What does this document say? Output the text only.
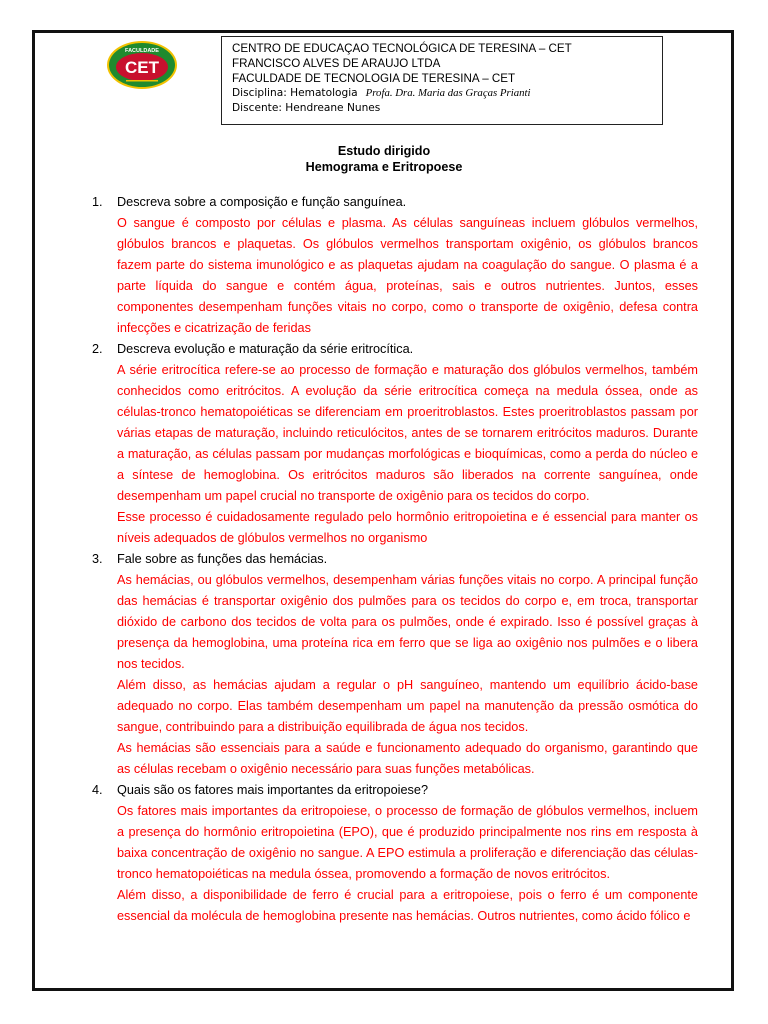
FACULDADE
CET
CENTRO DE EDUCAÇAO TECNOLÓGICA DE TERESINA – CET
FRANCISCO ALVES DE ARAUJO LTDA
FACULDADE DE TECNOLOGIA DE TERESINA – CET
Disciplina: Hematologia Profa. Dra. Maria das Graças Prianti
Discente: Hendreane Nunes
Estudo dirigido
Hemograma e Eritropoese
1. Descreva sobre a composição e função sanguínea.
O sangue é composto por células e plasma. As células sanguíneas incluem glóbulos vermelhos, glóbulos brancos e plaquetas. Os glóbulos vermelhos transportam oxigênio, os glóbulos brancos fazem parte do sistema imunológico e as plaquetas ajudam na coagulação do sangue. O plasma é a parte líquida do sangue e contém água, proteínas, sais e outros nutrientes. Juntos, esses componentes desempenham funções vitais no corpo, como o transporte de oxigênio, defesa contra infecções e cicatrização de feridas
2. Descreva evolução e maturação da série eritrocítica.
A série eritrocítica refere-se ao processo de formação e maturação dos glóbulos vermelhos, também conhecidos como eritrócitos. A evolução da série eritrocítica começa na medula óssea, onde as células-tronco hematopoiéticas se diferenciam em proeritroblastos. Estes proeritroblastos passam por várias etapas de maturação, incluindo reticulócitos, antes de se tornarem eritrócitos maduros. Durante a maturação, as células passam por mudanças morfológicas e bioquímicas, como a perda do núcleo e a síntese de hemoglobina. Os eritrócitos maduros são liberados na corrente sanguínea, onde desempenham um papel crucial no transporte de oxigênio para os tecidos do corpo.
Esse processo é cuidadosamente regulado pelo hormônio eritropoietina e é essencial para manter os níveis adequados de glóbulos vermelhos no organismo
3. Fale sobre as funções das hemácias.
As hemácias, ou glóbulos vermelhos, desempenham várias funções vitais no corpo. A principal função das hemácias é transportar oxigênio dos pulmões para os tecidos do corpo e, em troca, transportar dióxido de carbono dos tecidos de volta para os pulmões, onde é expirado. Isso é possível graças à presença da hemoglobina, uma proteína rica em ferro que se liga ao oxigênio nos pulmões e o libera nos tecidos.
Além disso, as hemácias ajudam a regular o pH sanguíneo, mantendo um equilíbrio ácido-base adequado no corpo. Elas também desempenham um papel na manutenção da pressão osmótica do sangue, contribuindo para a distribuição equilibrada de água nos tecidos.
As hemácias são essenciais para a saúde e funcionamento adequado do organismo, garantindo que as células recebam o oxigênio necessário para suas funções metabólicas.
4. Quais são os fatores mais importantes da eritropoiese?
Os fatores mais importantes da eritropoiese, o processo de formação de glóbulos vermelhos, incluem a presença do hormônio eritropoietina (EPO), que é produzido principalmente nos rins em resposta à baixa concentração de oxigênio no sangue. A EPO estimula a proliferação e diferenciação das células-tronco hematopoiéticas na medula óssea, promovendo a formação de novos eritrócitos.
Além disso, a disponibilidade de ferro é crucial para a eritropoiese, pois o ferro é um componente essencial da molécula de hemoglobina presente nas hemácias. Outros nutrientes, como ácido fólico e
